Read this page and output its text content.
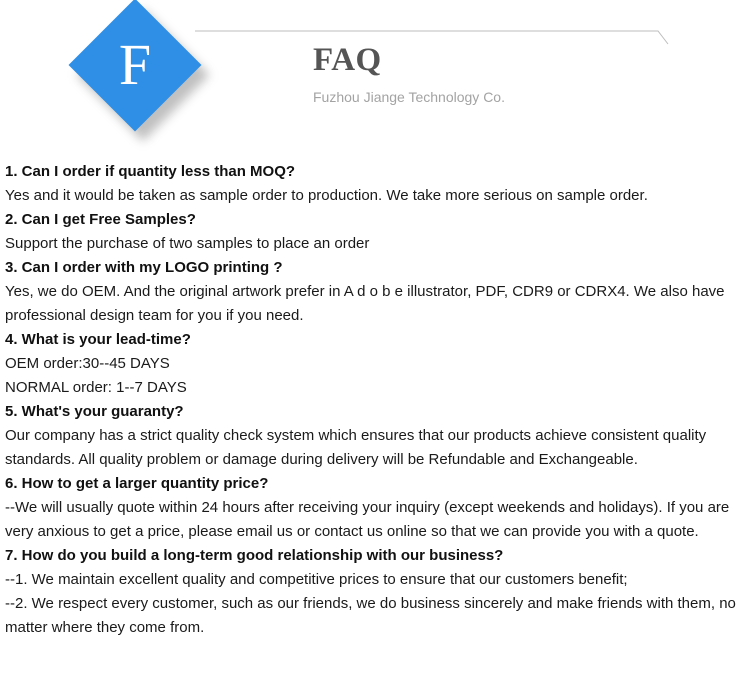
F	FAQ
Fuzhou Jiange Technology Co.

1. Can I order if quantity less than MOQ?

Yes and it would be taken as sample order to production. We take more serious on sample order.

2. Can I get Free Samples?

Support the purchase of two samples to place an order

3. Can I order with my LOGO printing ?

Yes, we do OEM. And the original artwork prefer in A d o b e illustrator, PDF, CDR9 or CDRX4. We also have professional design team for you if you need.

4. What is your lead-time?

OEM order:30--45 DAYS

NORMAL order: 1--7 DAYS

5. What's your guaranty?

Our company has a strict quality check system which ensures that our products achieve consistent quality standards. All quality problem or damage during delivery will be Refundable and Exchangeable.

6. How to get a larger quantity price?

--We will usually quote within 24 hours after receiving your inquiry (except weekends and holidays). If you are very anxious to get a price, please email us or contact us online so that we can provide you with a quote.

7. How do you build a long-term good relationship with our business?

--1. We maintain excellent quality and competitive prices to ensure that our customers benefit;

--2. We respect every customer, such as our friends, we do business sincerely and make friends with them, no matter where they come from.
